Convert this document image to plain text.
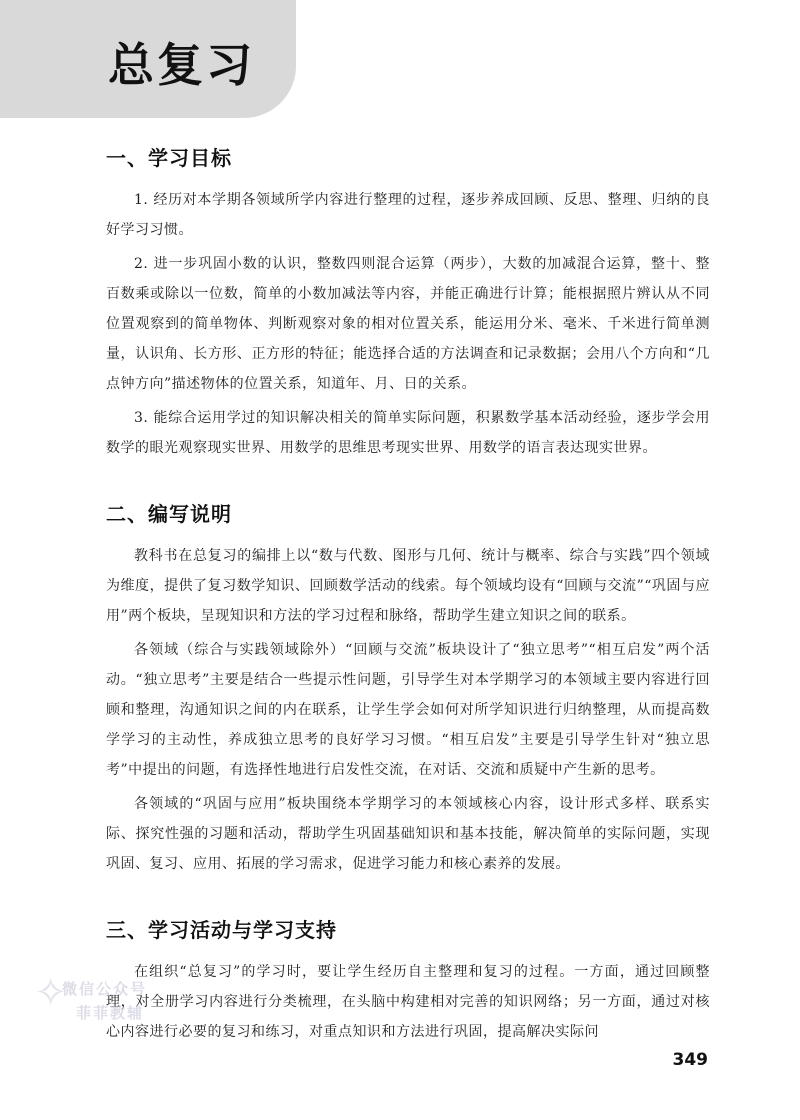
总复习
一、学习目标

1. 经历对本学期各领域所学内容进行整理的过程，逐步养成回顾、反思、整理、归纳的良好学习习惯。

2. 进一步巩固小数的认识，整数四则混合运算（两步），大数的加减混合运算，整十、整百数乘或除以一位数，简单的小数加减法等内容，并能正确进行计算；能根据照片辨认从不同位置观察到的简单物体、判断观察对象的相对位置关系，能运用分米、毫米、千米进行简单测量，认识角、长方形、正方形的特征；能选择合适的方法调查和记录数据；会用八个方向和“几点钟方向”描述物体的位置关系，知道年、月、日的关系。

3. 能综合运用学过的知识解决相关的简单实际问题，积累数学基本活动经验，逐步学会用数学的眼光观察现实世界、用数学的思维思考现实世界、用数学的语言表达现实世界。

二、编写说明

教科书在总复习的编排上以“数与代数、图形与几何、统计与概率、综合与实践”四个领域为维度，提供了复习数学知识、回顾数学活动的线索。每个领域均设有“回顾与交流”“巩固与应用”两个板块，呈现知识和方法的学习过程和脉络，帮助学生建立知识之间的联系。

各领域（综合与实践领域除外）“回顾与交流”板块设计了“独立思考”“相互启发”两个活动。“独立思考”主要是结合一些提示性问题，引导学生对本学期学习的本领域主要内容进行回顾和整理，沟通知识之间的内在联系，让学生学会如何对所学知识进行归纳整理，从而提高数学学习的主动性，养成独立思考的良好学习习惯。“相互启发”主要是引导学生针对“独立思考”中提出的问题，有选择性地进行启发性交流，在对话、交流和质疑中产生新的思考。

各领域的“巩固与应用”板块围绕本学期学习的本领域核心内容，设计形式多样、联系实际、探究性强的习题和活动，帮助学生巩固基础知识和基本技能，解决简单的实际问题，实现巩固、复习、应用、拓展的学习需求，促进学习能力和核心素养的发展。

三、学习活动与学习支持

在组织“总复习”的学习时，要让学生经历自主整理和复习的过程。一方面，通过回顾整理，对全册学习内容进行分类梳理，在头脑中构建相对完善的知识网络；另一方面，通过对核心内容进行必要的复习和练习，对重点知识和方法进行巩固，提高解决实际问

✧
微信公众号
菲菲教辅
349
